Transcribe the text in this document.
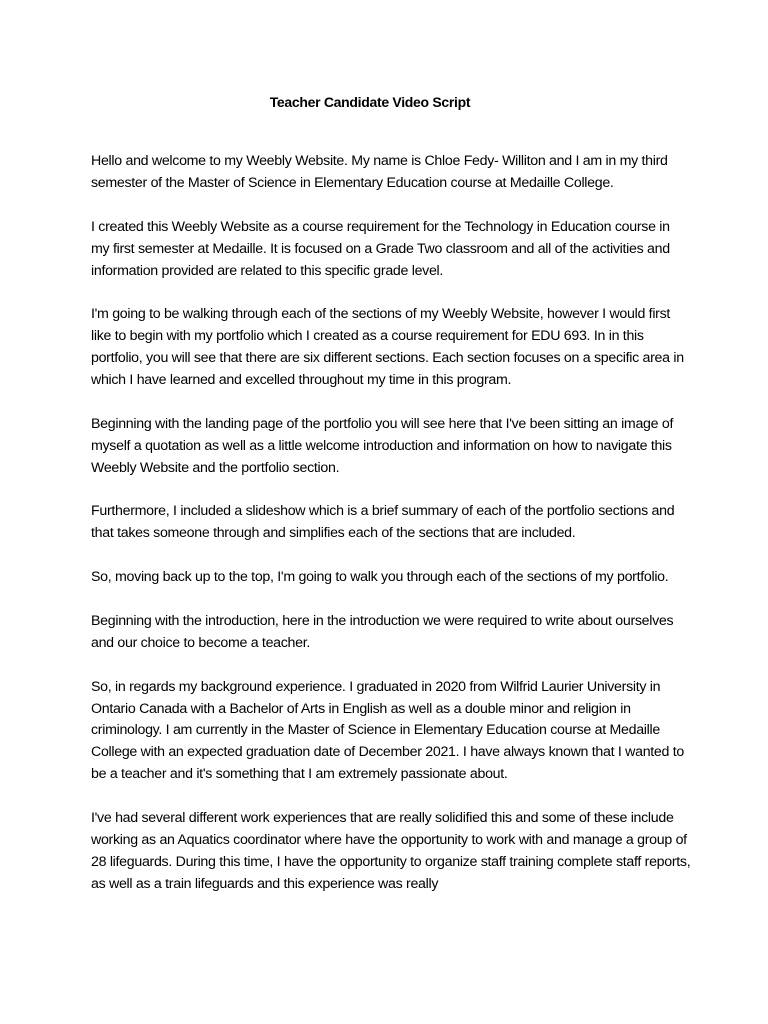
Teacher Candidate Video Script

Hello and welcome to my Weebly Website. My name is Chloe Fedy- Williton and I am in my third semester of the Master of Science in Elementary Education course at Medaille College.

I created this Weebly Website as a course requirement for the Technology in Education course in my first semester at Medaille. It is focused on a Grade Two classroom and all of the activities and information provided are related to this specific grade level.

I'm going to be walking through each of the sections of my Weebly Website, however I would first like to begin with my portfolio which I created as a course requirement for EDU 693. In in this portfolio, you will see that there are six different sections. Each section focuses on a specific area in which I have learned and excelled throughout my time in this program.

Beginning with the landing page of the portfolio you will see here that I've been sitting an image of myself a quotation as well as a little welcome introduction and information on how to navigate this Weebly Website and the portfolio section.

Furthermore, I included a slideshow which is a brief summary of each of the portfolio sections and that takes someone through and simplifies each of the sections that are included.

So, moving back up to the top, I'm going to walk you through each of the sections of my portfolio.

Beginning with the introduction, here in the introduction we were required to write about ourselves and our choice to become a teacher.

So, in regards my background experience. I graduated in 2020 from Wilfrid Laurier University in Ontario Canada with a Bachelor of Arts in English as well as a double minor and religion in criminology. I am currently in the Master of Science in Elementary Education course at Medaille College with an expected graduation date of December 2021. I have always known that I wanted to be a teacher and it's something that I am extremely passionate about.

I've had several different work experiences that are really solidified this and some of these include working as an Aquatics coordinator where have the opportunity to work with and manage a group of 28 lifeguards. During this time, I have the opportunity to organize staff training complete staff reports, as well as a train lifeguards and this experience was really
